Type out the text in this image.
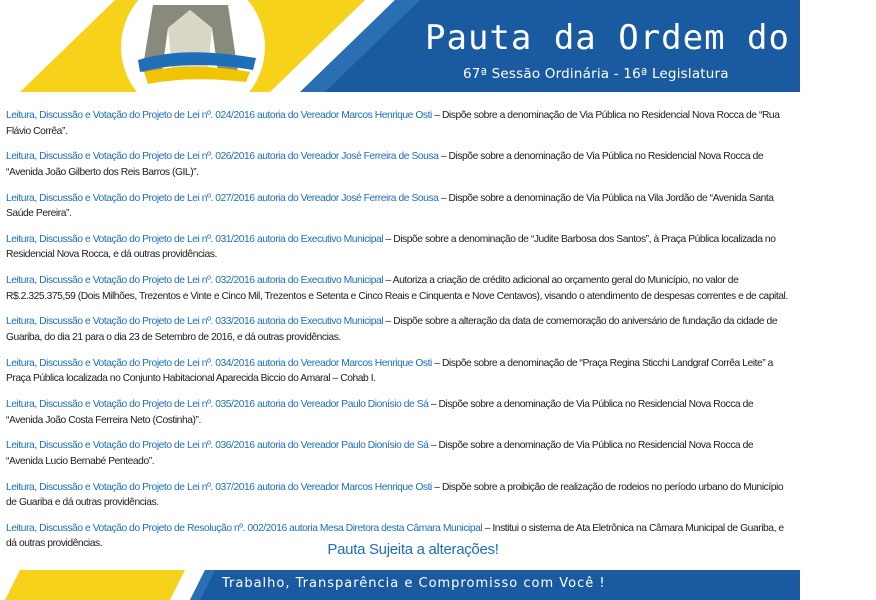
Pauta da Ordem do Dia
67ª Sessão Ordinária - 16ª Legislatura

Leitura, Discussão e Votação do Projeto de Lei nº. 024/2016 autoria do Vereador Marcos Henrique Osti – Dispõe sobre a denominação de Via Pública no Residencial Nova Rocca de “Rua Flávio Corrêa”.

Leitura, Discussão e Votação do Projeto de Lei nº. 026/2016 autoria do Vereador José Ferreira de Sousa – Dispõe sobre a denominação de Via Pública no Residencial Nova Rocca de “Avenida João Gilberto dos Reis Barros (GIL)”.

Leitura, Discussão e Votação do Projeto de Lei nº. 027/2016 autoria do Vereador José Ferreira de Sousa – Dispõe sobre a denominação de Via Pública na Vila Jordão de “Avenida Santa Saúde Pereira”.

Leitura, Discussão e Votação do Projeto de Lei nº. 031/2016 autoria do Executivo Municipal – Dispõe sobre a denominação de “Judite Barbosa dos Santos”, à Praça Pública localizada no Residencial Nova Rocca, e dá outras providências.

Leitura, Discussão e Votação do Projeto de Lei nº. 032/2016 autoria do Executivo Municipal – Autoriza a criação de crédito adicional ao orçamento geral do Município, no valor de R$.2.325.375,59 (Dois Milhões, Trezentos e Vinte e Cinco Mil, Trezentos e Setenta e Cinco Reais e Cinquenta e Nove Centavos), visando o atendimento de despesas correntes e de capital.

Leitura, Discussão e Votação do Projeto de Lei nº. 033/2016 autoria do Executivo Municipal – Dispõe sobre a alteração da data de comemoração do aniversário de fundação da cidade de Guariba, do dia 21 para o dia 23 de Setembro de 2016, e dá outras providências.

Leitura, Discussão e Votação do Projeto de Lei nº. 034/2016 autoria do Vereador Marcos Henrique Osti – Dispõe sobre a denominação de “Praça Regina Sticchi Landgraf Corrêa Leite” a Praça Pública localizada no Conjunto Habitacional Aparecida Biccio do Amaral – Cohab I.

Leitura, Discussão e Votação do Projeto de Lei nº. 035/2016 autoria do Vereador Paulo Dionísio de Sá – Dispõe sobre a denominação de Via Pública no Residencial Nova Rocca de “Avenida João Costa Ferreira Neto (Costinha)”.

Leitura, Discussão e Votação do Projeto de Lei nº. 036/2016 autoria do Vereador Paulo Dionísio de Sá – Dispõe sobre a denominação de Via Pública no Residencial Nova Rocca de “Avenida Lucio Bernabé Penteado”.

Leitura, Discussão e Votação do Projeto de Lei nº. 037/2016 autoria do Vereador Marcos Henrique Osti – Dispõe sobre a proibição de realização de rodeios no período urbano do Município de Guariba e dá outras providências.

Leitura, Discussão e Votação do Projeto de Resolução nº. 002/2016 autoria Mesa Diretora desta Câmara Municipal – Institui o sistema de Ata Eletrônica na Câmara Municipal de Guariba, e dá outras providências.	Pauta Sujeita a alterações!
Trabalho, Transparência e Compromisso com Você !
